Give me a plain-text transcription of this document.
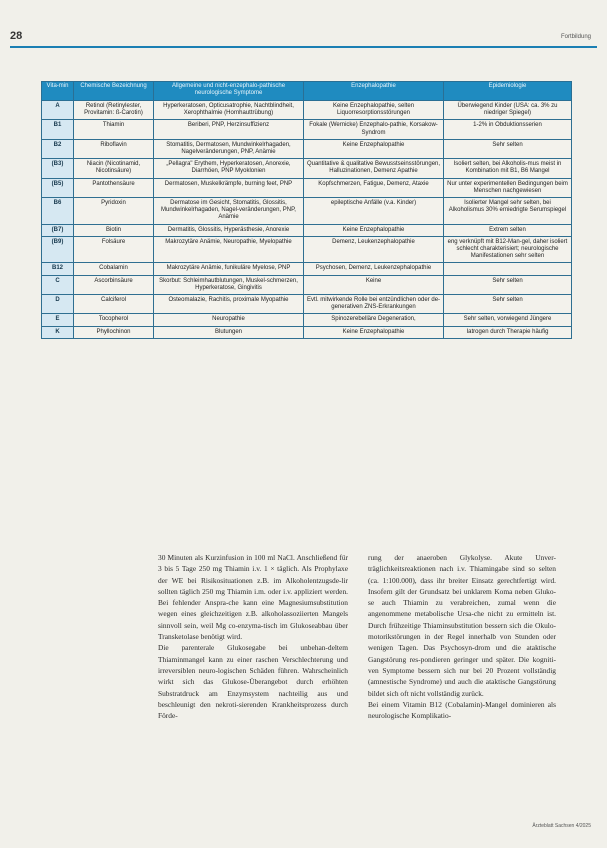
28	Fortbildung
Vita-min	Chemische Bezeichnung	Allgemeine und nicht-enzephalo-pathische neurologische Symptome	Enzephalopathie	Epidemiologie
A	Retinol (Retinylester, Provitamin: ß-Carotin)	Hyperkeratosen, Opticusatrophie, Nachtblindheit, Xerophthalmie (Hornhauttrübung)	Keine Enzephalopathie, selten Liquorresorptionsstörungen	Überwiegend Kinder (USA: ca. 3% zu niedriger Spiegel)
B1	Thiamin	Beriberi, PNP, Herzinsuffizienz	Fokale (Wernicke) Enzephalo-pathie, Korsakow-Syndrom	1-2% in Obduktionsserien
B2	Riboflavin	Stomatitis, Dermatosen, Mundwinkelrhagaden, Nagelveränderungen, PNP, Anämie	Keine Enzephalopathie	Sehr selten
(B3)	Niacin (Nicotinamid, Nicotinsäure)	„Pellagra" Erythem, Hyperkeratosen, Anorexie, Diarrhöen, PNP Myoklonien	Quantitative & qualitative Bewusstseinsstörungen, Halluzinationen, Demenz Apathie	Isoliert selten, bei Alkoholis-mus meist in Kombination mit B1, B6 Mangel
(B5)	Pantothensäure	Dermatosen, Muskelkrämpfe, burning feet, PNP	Kopfschmerzen, Fatigue, Demenz, Ataxie	Nur unter experimentellen Bedingungen beim Menschen nachgewiesen
B6	Pyridoxin	Dermatose im Gesicht, Stomatitis, Glossitis, Mundwinkelrhagaden, Nagel-veränderungen, PNP, Anämie	epileptische Anfälle (v.a. Kinder)	Isolierter Mangel sehr selten, bei Alkoholismus 30% erniedrigte Serumspiegel
(B7)	Biotin	Dermatitis, Glossitis, Hyperästhesie, Anorexie	Keine Enzephalopathie	Extrem selten
(B9)	Folsäure	Makrozytäre Anämie, Neuropathie, Myelopathie	Demenz, Leukenzephalopathie	eng verknüpft mit B12-Man-gel, daher isoliert schlecht charakterisiert; neurologische Manifestationen sehr selten
B12	Cobalamin	Makrozytäre Anämie, funikuläre Myelose, PNP	Psychosen, Demenz, Leukenzephalopathie	
C	Ascorbinsäure	Skorbut: Schleimhautblutungen, Muskel-schmerzen, Hyperkeratose, Gingivitis	Keine	Sehr selten
D	Calciferol	Osteomalazie, Rachitis, proximale Myopathie	Evtl. mitwirkende Rolle bei entzündlichen oder de-generativen ZNS-Erkrankungen	Sehr selten
E	Tocopherol	Neuropathie	Spinozerebelläre Degeneration,	Sehr selten, vorwiegend Jüngere
K	Phyllochinon	Blutungen	Keine Enzephalopathie	Iatrogen durch Therapie häufig

30 Minuten als Kurzinfusion in 100 ml NaCl. Anschließend für 3 bis 5 Tage 250 mg Thiamin i.v. 1 × täglich. Als Prophylaxe der WE bei Risikosituationen z.B. im Alkoholentzugsde-lir sollten täglich 250 mg Thiamin i.m. oder i.v. appliziert werden. Bei fehlender Anspra-che kann eine Magnesiumsubstitution wegen eines gleichzeitigen z.B. alkoholassoziierten Mangels sinnvoll sein, weil Mg co-enzyma-tisch im Glukoseabbau über Transketolase benötigt wird.

Die parenterale Glukosegabe bei unbehan-deltem Thiaminmangel kann zu einer raschen Verschlechterung und irreversiblen neuro-logischen Schäden führen. Wahrscheinlich wirkt sich das Glukose-Überangebot durch erhöhten Substratdruck am Enzymsystem nachteilig aus und beschleunigt den nekroti-sierenden Krankheitsprozess durch Förde-

rung der anaeroben Glykolyse. Akute Unver-träglichkeitsreaktionen nach i.v. Thiamingabe sind so selten (ca. 1:100.000), dass ihr breiter Einsatz gerechtfertigt wird. Insofern gilt der Grundsatz bei unklarem Koma neben Gluko-se auch Thiamin zu verabreichen, zumal wenn die angenommene metabolische Ursa-che nicht zu ermitteln ist. Durch frühzeitige Thiaminsubstitution bessern sich die Okulo-motorikstörungen in der Regel innerhalb von Stunden oder wenigen Tagen. Das Psychosyn-drom und die ataktische Gangstörung res-pondieren geringer und später. Die kogniti-ven Symptome bessern sich nur bei 20 Prozent vollständig (amnestische Syndrome) und auch die ataktische Gangstörung bildet sich oft nicht vollständig zurück.

Bei einem Vitamin B12 (Cobalamin)-Mangel dominieren als neurologische Komplikatio-

Ärzteblatt Sachsen 4/2025
